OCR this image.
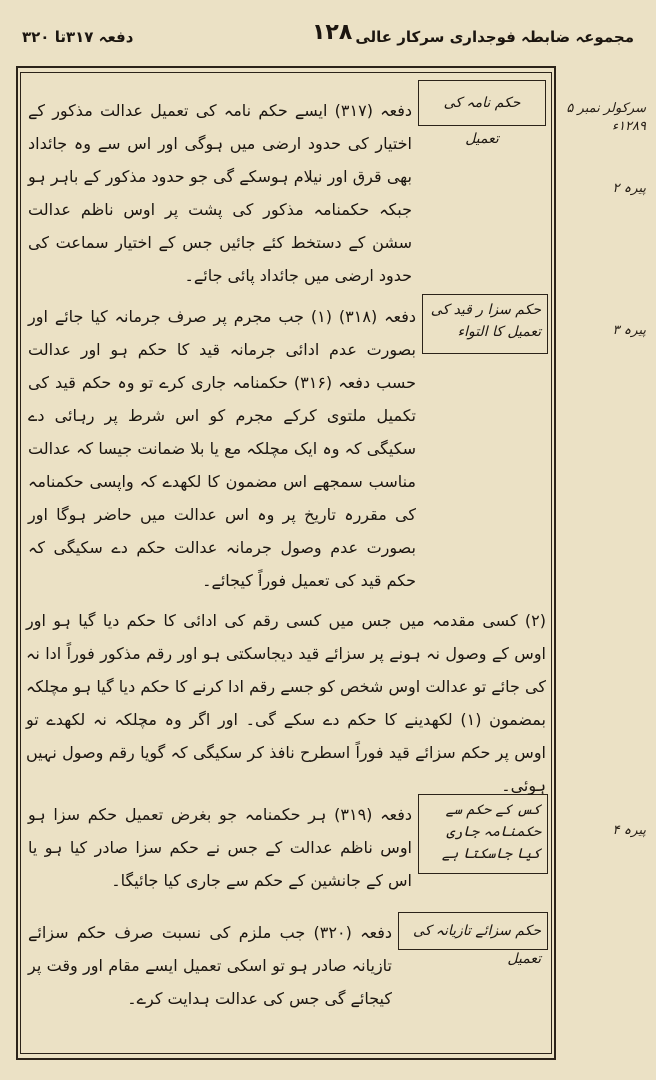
مجموعہ ضابطہ فوجداری سرکار عالی
۱۲۸
دفعہ ۳۱۷تا ۳۲۰
حکم نامہ کی تعمیل
حکم سزا ر قید کی تعمیل کا التواء
کس کے حکم سے حکمنامہ جاری کیا جاسکتا ہے
حکم سزائے تازیانہ کی تعمیل
سرکولر نمبر ۵ ۱۲۸۹ء
پیرہ ۲
پیرہ ۳
پیرہ ۴

دفعہ (۳۱۷) ایسے حکم نامہ کی تعمیل عدالت مذکور کے اختیار کی حدود ارضی میں ہوگی اور اس سے وہ جائداد بھی قرق اور نیلام ہوسکے گی جو حدود مذکور کے باہر ہو جبکہ حکمنامہ مذکور کی پشت پر اوس ناظم عدالت سشن کے دستخط کئے جائیں جس کے اختیار سماعت کی حدود ارضی میں جائداد پائی جائے۔

دفعہ (۳۱۸) (۱) جب مجرم پر صرف جرمانہ کیا جائے اور بصورت عدم ادائی جرمانہ قید کا حکم ہو اور عدالت حسب دفعہ (۳۱۶) حکمنامہ جاری کرے تو وہ حکم قید کی تکمیل ملتوی کرکے مجرم کو اس شرط پر رہائی دے سکیگی کہ وہ ایک مچلکہ مع یا بلا ضمانت جیسا کہ عدالت مناسب سمجھے اس مضمون کا لکھدے کہ واپسی حکمنامہ کی مقررہ تاریخ پر وہ اس عدالت میں حاضر ہوگا اور بصورت عدم وصول جرمانہ عدالت حکم دے سکیگی کہ حکم قید کی تعمیل فوراً کیجائے۔

(۲) کسی مقدمہ میں جس میں کسی رقم کی ادائی کا حکم دیا گیا ہو اور اوس کے وصول نہ ہونے پر سزائے قید دیجاسکتی ہو اور رقم مذکور فوراً ادا نہ کی جائے تو عدالت اوس شخص کو جسے رقم ادا کرنے کا حکم دیا گیا ہو مچلکہ بمضمون (۱) لکھدینے کا حکم دے سکے گی۔ اور اگر وہ مچلکہ نہ لکھدے تو اوس پر حکم سزائے قید فوراً اسطرح نافذ کر سکیگی کہ گویا رقم وصول نہیں ہوئی۔

دفعہ (۳۱۹) ہر حکمنامہ جو بغرض تعمیل حکم سزا ہو اوس ناظم عدالت کے جس نے حکم سزا صادر کیا ہو یا اس کے جانشین کے حکم سے جاری کیا جائیگا۔

دفعہ (۳۲۰) جب ملزم کی نسبت صرف حکم سزائے تازیانہ صادر ہو تو اسکی تعمیل ایسے مقام اور وقت پر کیجائے گی جس کی عدالت ہدایت کرے۔
